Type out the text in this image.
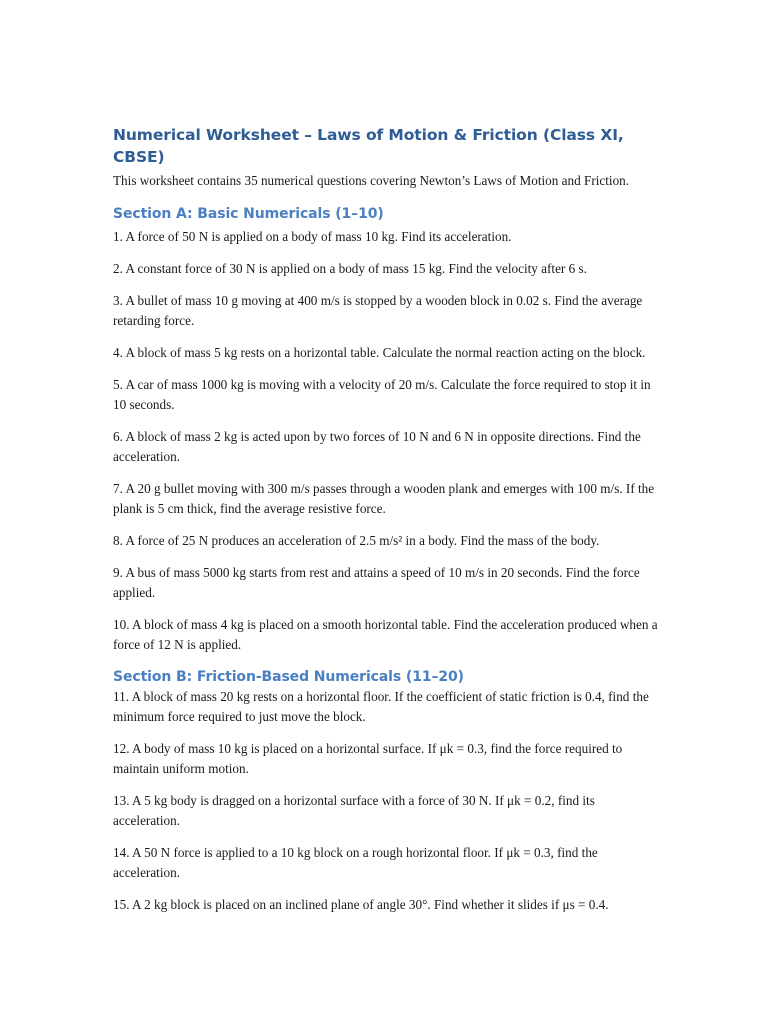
Numerical Worksheet – Laws of Motion & Friction (Class XI, CBSE)

This worksheet contains 35 numerical questions covering Newton’s Laws of Motion and Friction.

Section A: Basic Numericals (1–10)

1. A force of 50 N is applied on a body of mass 10 kg. Find its acceleration.

2. A constant force of 30 N is applied on a body of mass 15 kg. Find the velocity after 6 s.

3. A bullet of mass 10 g moving at 400 m/s is stopped by a wooden block in 0.02 s. Find the average retarding force.

4. A block of mass 5 kg rests on a horizontal table. Calculate the normal reaction acting on the block.

5. A car of mass 1000 kg is moving with a velocity of 20 m/s. Calculate the force required to stop it in 10 seconds.

6. A block of mass 2 kg is acted upon by two forces of 10 N and 6 N in opposite directions. Find the acceleration.

7. A 20 g bullet moving with 300 m/s passes through a wooden plank and emerges with 100 m/s. If the plank is 5 cm thick, find the average resistive force.

8. A force of 25 N produces an acceleration of 2.5 m/s² in a body. Find the mass of the body.

9. A bus of mass 5000 kg starts from rest and attains a speed of 10 m/s in 20 seconds. Find the force applied.

10. A block of mass 4 kg is placed on a smooth horizontal table. Find the acceleration produced when a force of 12 N is applied.

Section B: Friction-Based Numericals (11–20)

11. A block of mass 20 kg rests on a horizontal floor. If the coefficient of static friction is 0.4, find the minimum force required to just move the block.

12. A body of mass 10 kg is placed on a horizontal surface. If μk = 0.3, find the force required to maintain uniform motion.

13. A 5 kg body is dragged on a horizontal surface with a force of 30 N. If μk = 0.2, find its acceleration.

14. A 50 N force is applied to a 10 kg block on a rough horizontal floor. If μk = 0.3, find the acceleration.

15. A 2 kg block is placed on an inclined plane of angle 30°. Find whether it slides if μs = 0.4.
